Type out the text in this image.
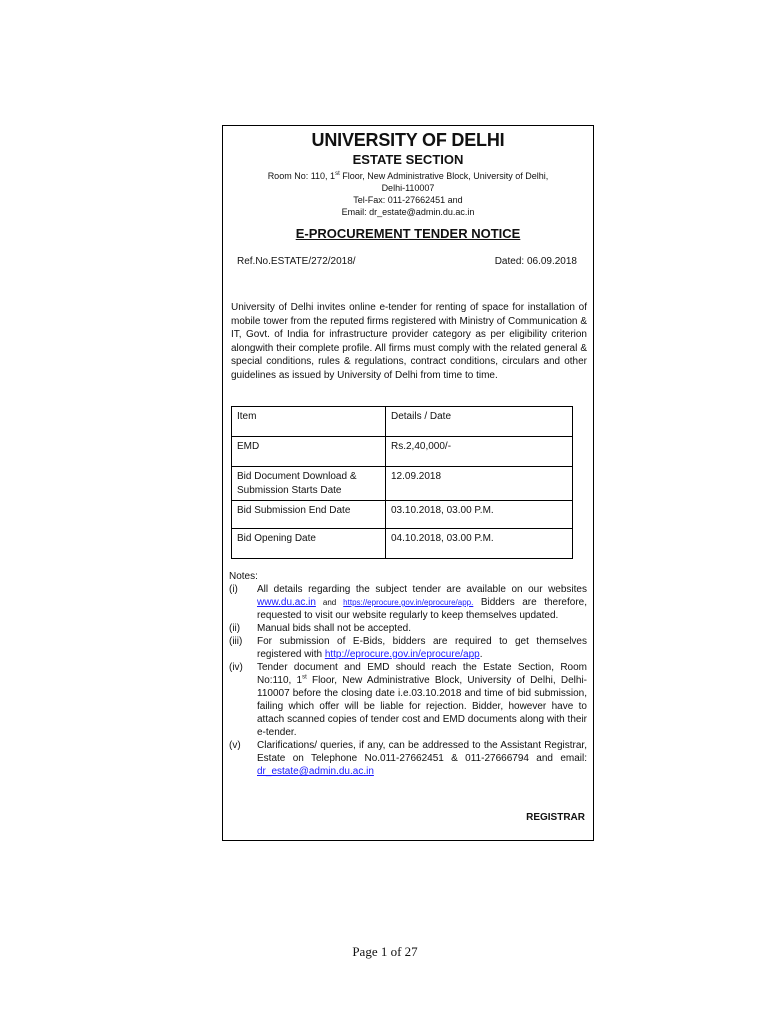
UNIVERSITY OF DELHI
ESTATE SECTION
Room No: 110, 1st Floor, New Administrative Block, University of Delhi,
Delhi-110007
Tel-Fax: 011-27662451 and
Email: dr_estate@admin.du.ac.in
E-PROCUREMENT TENDER NOTICE
Ref.No.ESTATE/272/2018/	Dated: 06.09.2018
University of Delhi invites online e-tender for renting of space for installation of mobile tower from the reputed firms registered with Ministry of Communication & IT, Govt. of India for infrastructure provider category as per eligibility criterion alongwith their complete profile. All firms must comply with the related general & special conditions, rules & regulations, contract conditions, circulars and other guidelines as issued by University of Delhi from time to time.
Item	Details / Date
EMD	Rs.2,40,000/-
Bid Document Download & Submission Starts Date	12.09.2018
Bid Submission End Date	03.10.2018, 03.00 P.M.
Bid Opening Date	04.10.2018, 03.00 P.M.
Notes:
(i) All details regarding the subject tender are available on our websites www.du.ac.in and https://eprocure.gov.in/eprocure/app. Bidders are therefore, requested to visit our website regularly to keep themselves updated.
(ii) Manual bids shall not be accepted.
(iii) For submission of E-Bids, bidders are required to get themselves registered with http://eprocure.gov.in/eprocure/app.
(iv) Tender document and EMD should reach the Estate Section, Room No:110, 1st Floor, New Administrative Block, University of Delhi, Delhi-110007 before the closing date i.e.03.10.2018 and time of bid submission, failing which offer will be liable for rejection. Bidder, however have to attach scanned copies of tender cost and EMD documents along with their e-tender.
(v) Clarifications/ queries, if any, can be addressed to the Assistant Registrar, Estate on Telephone No.011-27662451 & 011-27666794 and email: dr_estate@admin.du.ac.in
REGISTRAR
Page 1 of 27
